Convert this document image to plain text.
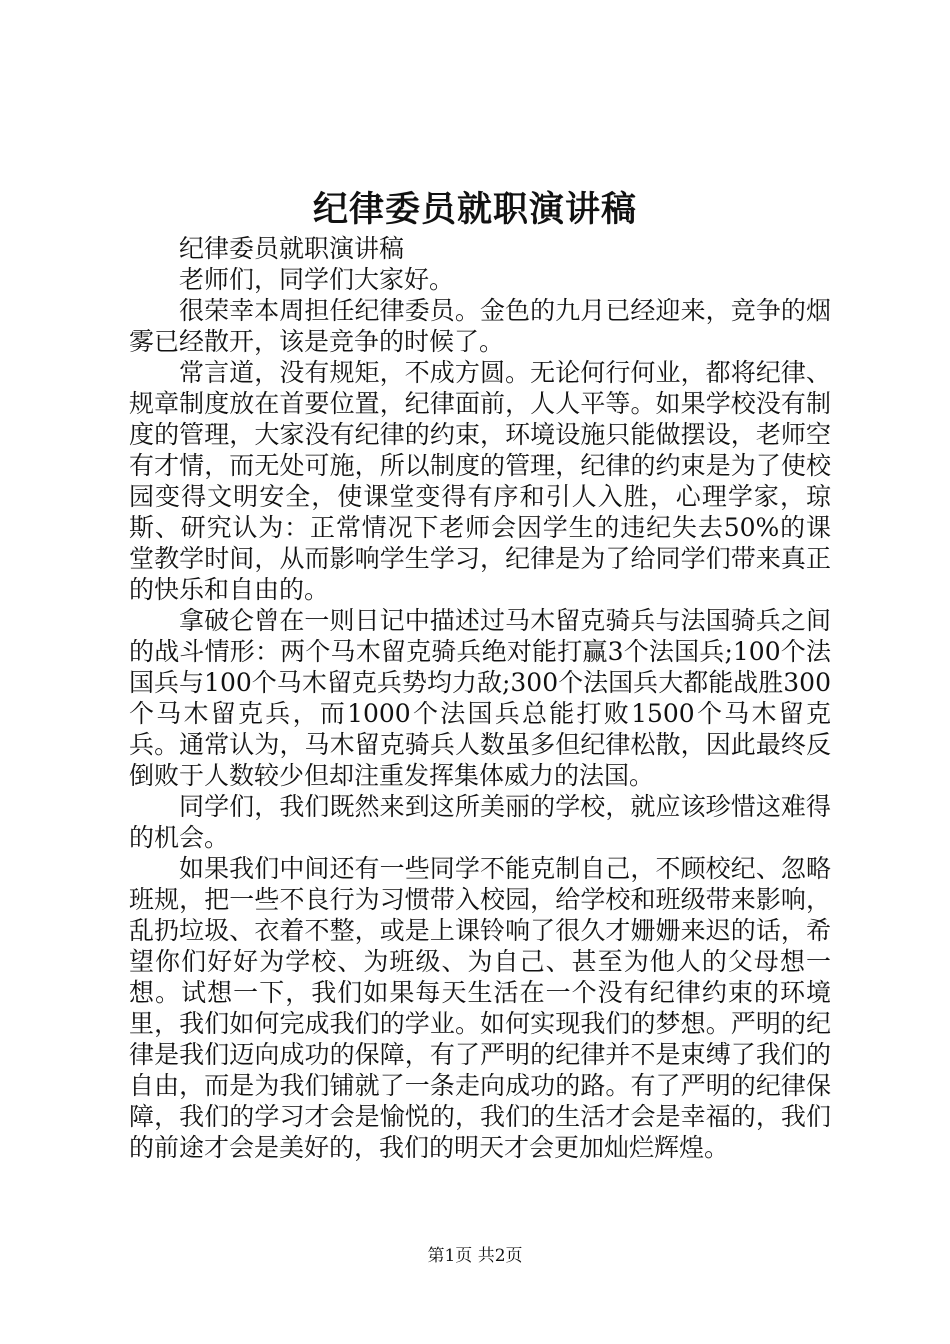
纪律委员就职演讲稿

纪律委员就职演讲稿

老师们，同学们大家好。

很荣幸本周担任纪律委员。金色的九月已经迎来，竞争的烟雾已经散开，该是竞争的时候了。

常言道，没有规矩，不成方圆。无论何行何业，都将纪律、规章制度放在首要位置，纪律面前，人人平等。如果学校没有制度的管理，大家没有纪律的约束，环境设施只能做摆设，老师空有才情，而无处可施，所以制度的管理，纪律的约束是为了使校园变得文明安全，使课堂变得有序和引人入胜，心理学家，琼斯、研究认为：正常情况下老师会因学生的违纪失去50%的课堂教学时间，从而影响学生学习，纪律是为了给同学们带来真正的快乐和自由的。

拿破仑曾在一则日记中描述过马木留克骑兵与法国骑兵之间的战斗情形：两个马木留克骑兵绝对能打赢3个法国兵;100个法国兵与100个马木留克兵势均力敌;300个法国兵大都能战胜300个马木留克兵，而1000个法国兵总能打败1500个马木留克兵。通常认为，马木留克骑兵人数虽多但纪律松散，因此最终反倒败于人数较少但却注重发挥集体威力的法国。

同学们，我们既然来到这所美丽的学校，就应该珍惜这难得的机会。

如果我们中间还有一些同学不能克制自己，不顾校纪、忽略班规，把一些不良行为习惯带入校园，给学校和班级带来影响，乱扔垃圾、衣着不整，或是上课铃响了很久才姗姗来迟的话，希望你们好好为学校、为班级、为自己、甚至为他人的父母想一想。试想一下，我们如果每天生活在一个没有纪律约束的环境里，我们如何完成我们的学业。如何实现我们的梦想。严明的纪律是我们迈向成功的保障，有了严明的纪律并不是束缚了我们的自由，而是为我们铺就了一条走向成功的路。有了严明的纪律保障，我们的学习才会是愉悦的，我们的生活才会是幸福的，我们的前途才会是美好的，我们的明天才会更加灿烂辉煌。

第1页 共2页
